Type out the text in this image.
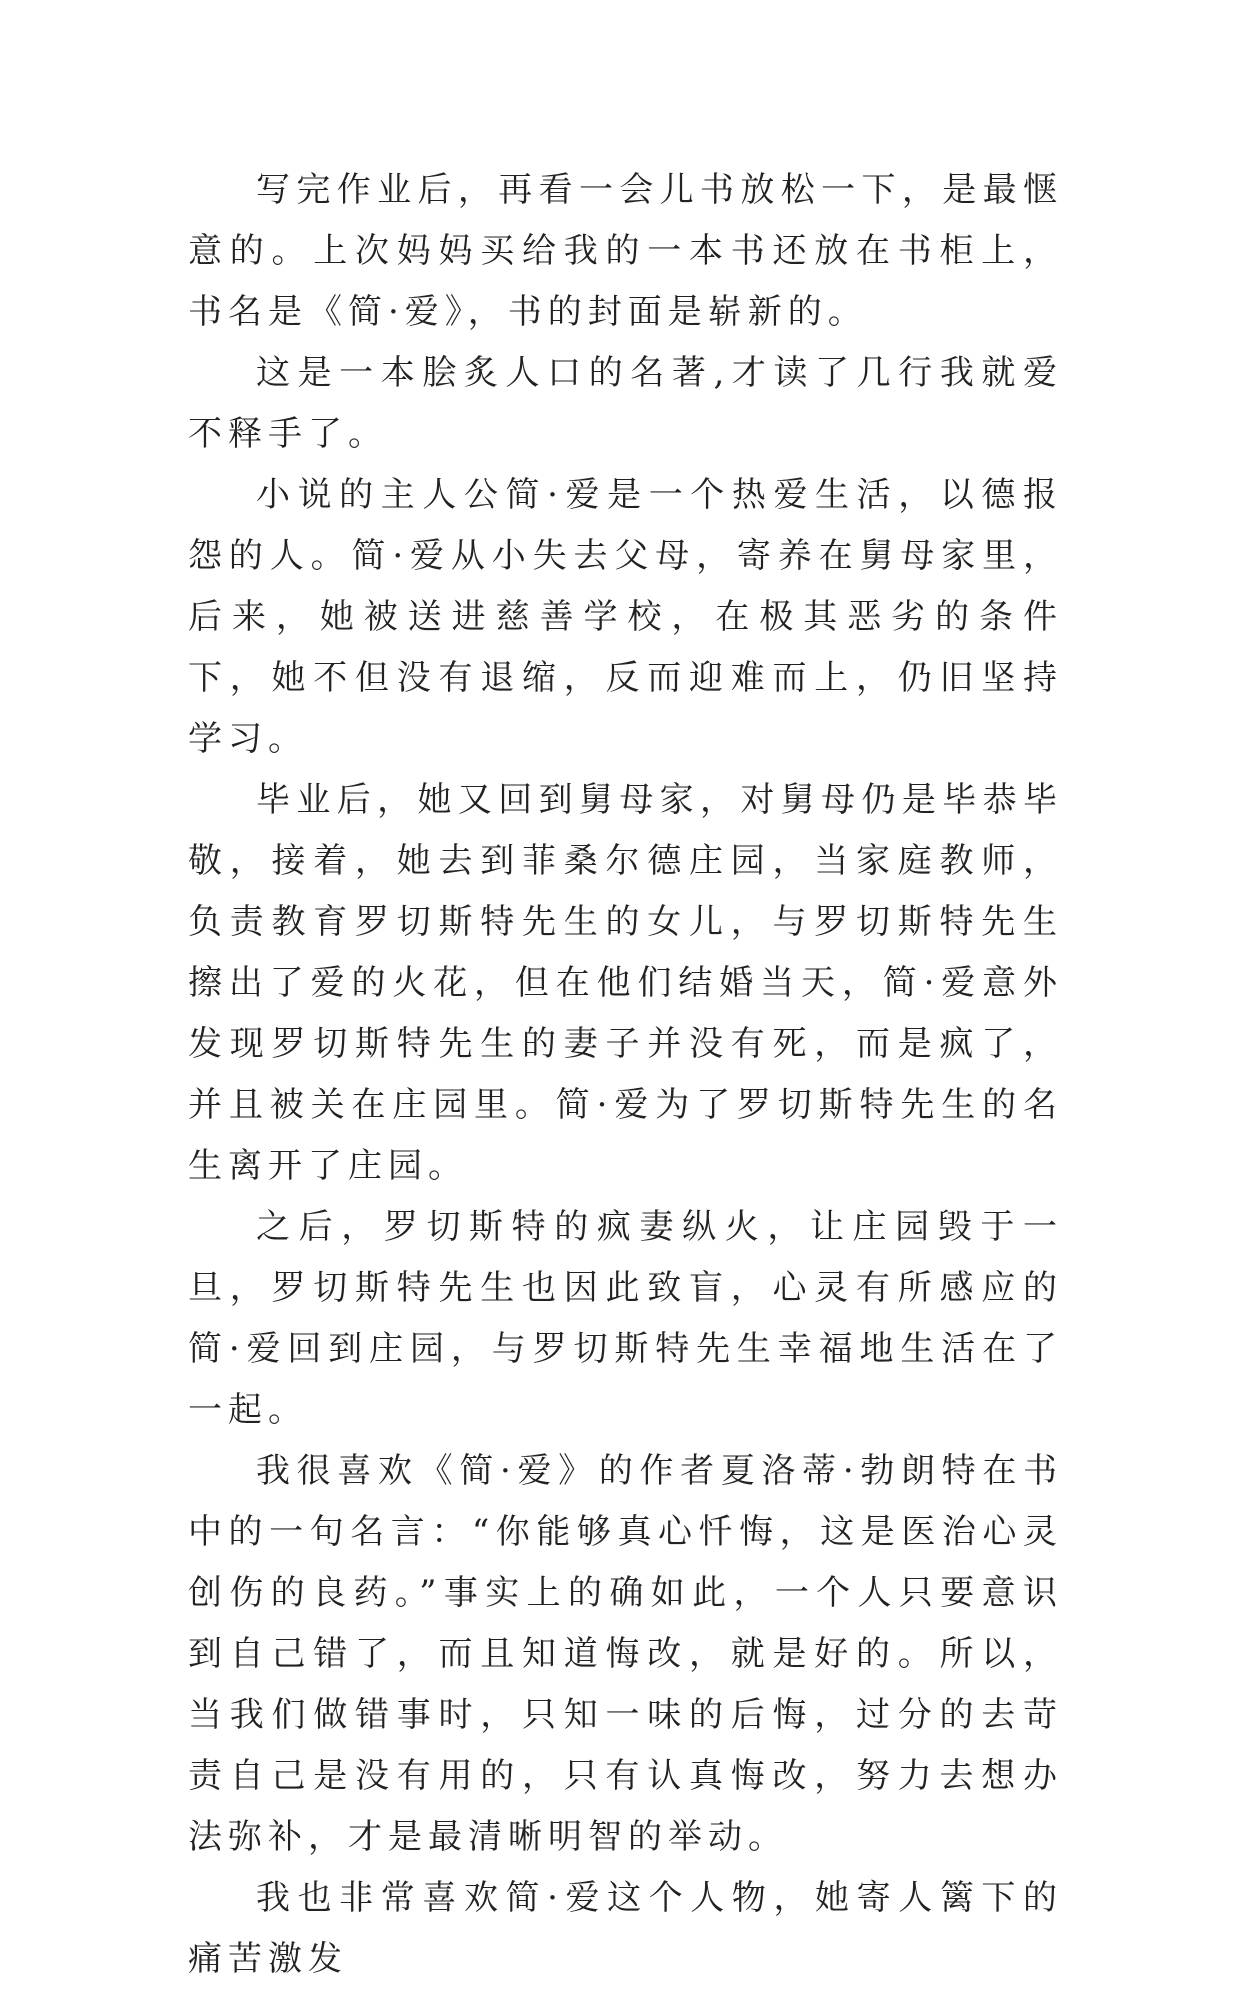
写完作业后，再看一会儿书放松一下，是最惬意的。上次妈妈买给我的一本书还放在书柜上，书名是《简·爱》，书的封面是崭新的。

这是一本脍炙人口的名著,才读了几行我就爱不释手了。

小说的主人公简·爱是一个热爱生活，以德报怨的人。简·爱从小失去父母，寄养在舅母家里，后来，她被送进慈善学校，在极其恶劣的条件下，她不但没有退缩，反而迎难而上，仍旧坚持学习。

毕业后，她又回到舅母家，对舅母仍是毕恭毕敬，接着，她去到菲桑尔德庄园，当家庭教师，负责教育罗切斯特先生的女儿，与罗切斯特先生擦出了爱的火花，但在他们结婚当天，简·爱意外发现罗切斯特先生的妻子并没有死，而是疯了，并且被关在庄园里。简·爱为了罗切斯特先生的名生离开了庄园。

之后，罗切斯特的疯妻纵火，让庄园毁于一旦，罗切斯特先生也因此致盲，心灵有所感应的简·爱回到庄园，与罗切斯特先生幸福地生活在了一起。

我很喜欢《简·爱》的作者夏洛蒂·勃朗特在书中的一句名言：“你能够真心忏悔，这是医治心灵创伤的良药。”事实上的确如此，一个人只要意识到自己错了，而且知道悔改，就是好的。所以，当我们做错事时，只知一味的后悔，过分的去苛责自己是没有用的，只有认真悔改，努力去想办法弥补，才是最清晰明智的举动。

我也非常喜欢简·爱这个人物，她寄人篱下的痛苦激发
